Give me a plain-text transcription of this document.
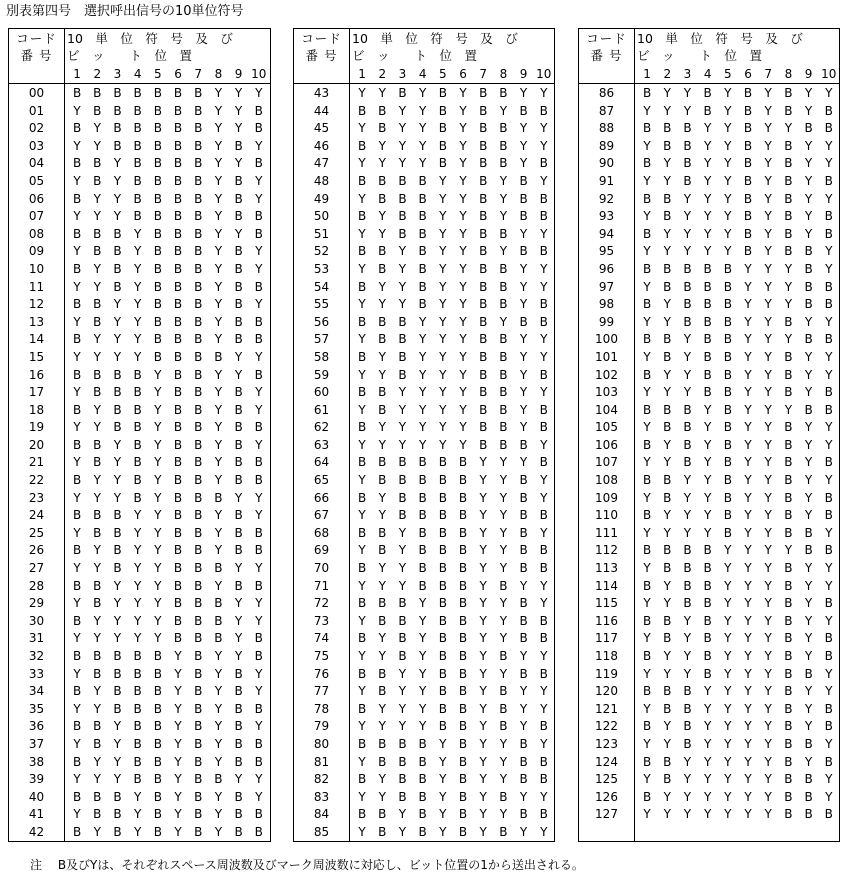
別表第四号　選択呼出信号の10単位符号
コード
番 号
10　単　位　符　号　及　び
ビ　ッ　　ト　位　置
1 2 3 4 5 6 7 8 9 10
00	B B B B B B B Y Y Y
01	Y B B B B B B Y Y B
02	B Y B B B B B Y Y B
03	Y Y B B B B B Y B Y
04	B B Y B B B B Y Y B
05	Y B Y B B B B Y B Y
06	B Y Y B B B B Y B Y
07	Y Y Y B B B B Y B B
08	B B B Y B B B Y Y B
09	Y B B Y B B B Y B Y
10	B Y B Y B B B Y B Y
11	Y Y B Y B B B Y B B
12	B B Y Y B B B Y B Y
13	Y B Y Y B B B Y B B
14	B Y Y Y B B B Y B B
15	Y Y Y Y B B B B Y Y
16	B B B B Y B B Y Y B
17	Y B B B Y B B Y B Y
18	B Y B B Y B B Y B Y
19	Y Y B B Y B B Y B B
20	B B Y B Y B B Y B Y
21	Y B Y B Y B B Y B B
22	B Y Y B Y B B Y B B
23	Y Y Y B Y B B B Y Y
24	B B B Y Y B B Y B Y
25	Y B B Y Y B B Y B B
26	B Y B Y Y B B Y B B
27	Y Y B Y Y B B B Y Y
28	B B Y Y Y B B Y B B
29	Y B Y Y Y B B B Y Y
30	B Y Y Y Y B B B Y Y
31	Y Y Y Y Y B B B Y B
32	B B B B B Y B Y Y B
33	Y B B B B Y B Y B Y
34	B Y B B B Y B Y B Y
35	Y Y B B B Y B Y B B
36	B B Y B B Y B Y B Y
37	Y B Y B B Y B Y B B
38	B Y Y B B Y B Y B B
39	Y Y Y B B Y B B Y Y
40	B B B Y B Y B Y B Y
41	Y B B Y B Y B Y B B
42	B Y B Y B Y B Y B B
コード
番 号
10　単　位　符　号　及　び
ビ　ッ　　ト　位　置
1 2 3 4 5 6 7 8 9 10
43	Y Y B Y B Y B B Y Y
44	B B Y Y B Y B Y B B
45	Y B Y Y B Y B B Y Y
46	B Y Y Y B Y B B Y Y
47	Y Y Y Y B Y B B Y B
48	B B B B Y Y B Y B Y
49	Y B B B Y Y B Y B B
50	B Y B B Y Y B Y B B
51	Y Y B B Y Y B B Y Y
52	B B Y B Y Y B Y B B
53	Y B Y B Y Y B B Y Y
54	B Y Y B Y Y B B Y Y
55	Y Y Y B Y Y B B Y B
56	B B B Y Y Y B Y B B
57	Y B B Y Y Y B B Y Y
58	B Y B Y Y Y B B Y Y
59	Y Y B Y Y Y B B Y B
60	B B Y Y Y Y B B Y Y
61	Y B Y Y Y Y B B Y B
62	B Y Y Y Y Y B B Y B
63	Y Y Y Y Y Y B B B Y
64	B B B B B B Y Y Y B
65	Y B B B B B Y Y B Y
66	B Y B B B B Y Y B Y
67	Y Y B B B B Y Y B B
68	B B Y B B B Y Y B Y
69	Y B Y B B B Y Y B B
70	B Y Y B B B Y Y B B
71	Y Y Y B B B Y B Y Y
72	B B B Y B B Y Y B Y
73	Y B B Y B B Y Y B B
74	B Y B Y B B Y Y B B
75	Y Y B Y B B Y B Y Y
76	B B Y Y B B Y Y B B
77	Y B Y Y B B Y B Y Y
78	B Y Y Y B B Y B Y Y
79	Y Y Y Y B B Y B Y B
80	B B B B Y B Y Y B Y
81	Y B B B Y B Y Y B B
82	B Y B B Y B Y Y B B
83	Y Y B B Y B Y B Y Y
84	B B Y B Y B Y Y B B
85	Y B Y B Y B Y B Y Y
コード
番 号
10　単　位　符　号　及　び
ビ　ッ　　ト　位　置
1 2 3 4 5 6 7 8 9 10
86	B Y Y B Y B Y B Y Y
87	Y Y Y B Y B Y B Y B
88	B B B Y Y B Y Y B B
89	Y B B Y Y B Y B Y Y
90	B Y B Y Y B Y B Y Y
91	Y Y B Y Y B Y B Y B
92	B B Y Y Y B Y B Y Y
93	Y B Y Y Y B Y B Y B
94	B Y Y Y Y B Y B Y B
95	Y Y Y Y Y B Y B B Y
96	B B B B B Y Y Y B Y
97	Y B B B B Y Y Y B B
98	B Y B B B Y Y Y B B
99	Y Y B B B Y Y B Y Y
100	B B Y B B Y Y Y B B
101	Y B Y B B Y Y B Y Y
102	B Y Y B B Y Y B Y Y
103	Y Y Y B B Y Y B Y B
104	B B B Y B Y Y Y B B
105	Y B B Y B Y Y B Y Y
106	B Y B Y B Y Y B Y Y
107	Y Y B Y B Y Y B Y B
108	B B Y Y B Y Y B Y Y
109	Y B Y Y B Y Y B Y B
110	B Y Y Y B Y Y B Y B
111	Y Y Y Y B Y Y B B Y
112	B B B B Y Y Y Y B B
113	Y B B B Y Y Y B Y Y
114	B Y B B Y Y Y B Y Y
115	Y Y B B Y Y Y B Y B
116	B B Y B Y Y Y B Y Y
117	Y B Y B Y Y Y B Y B
118	B Y Y B Y Y Y B Y B
119	Y Y Y B Y Y Y B B Y
120	B B B Y Y Y Y B Y Y
121	Y B B Y Y Y Y B Y B
122	B Y B Y Y Y Y B Y B
123	Y Y B Y Y Y Y B B Y
124	B B Y Y Y Y Y B Y B
125	Y B Y Y Y Y Y B B Y
126	B Y Y Y Y Y Y B B Y
127	Y Y Y Y Y Y Y B B B
注　 B及びYは、それぞれスペース周波数及びマーク周波数に対応し、ビット位置の1から送出される。
